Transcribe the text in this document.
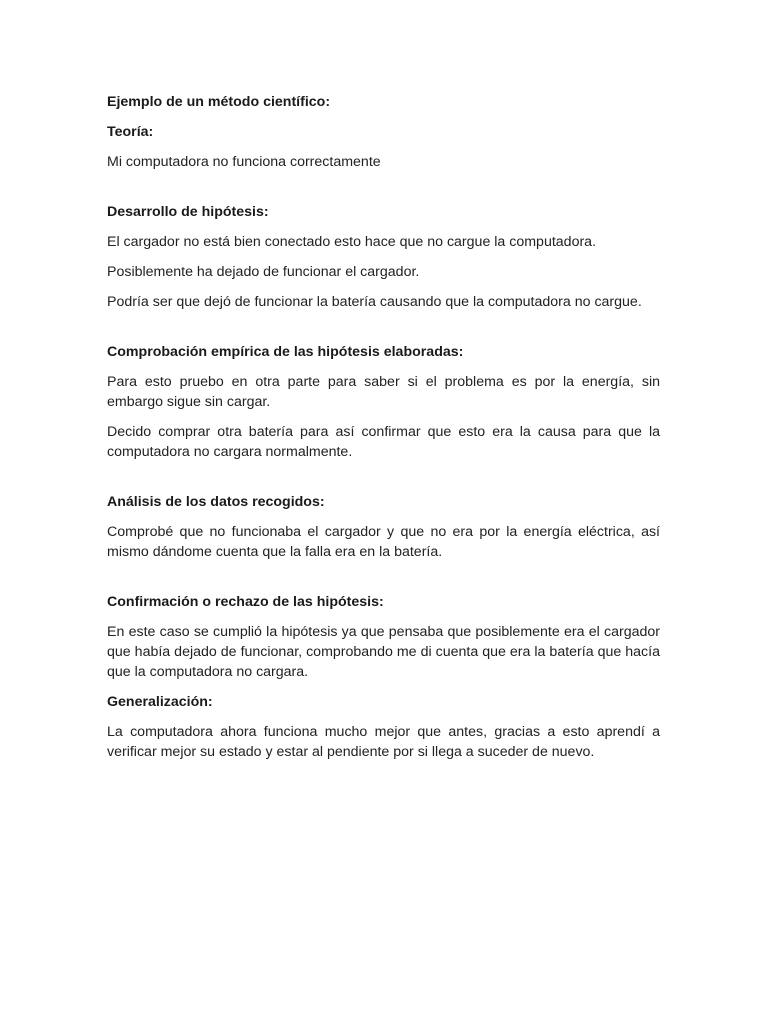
Ejemplo de un método científico:

Teoría:

Mi computadora no funciona correctamente

Desarrollo de hipótesis:

El cargador no está bien conectado esto hace que no cargue la computadora.

Posiblemente ha dejado de funcionar el cargador.

Podría ser que dejó de funcionar la batería causando que la computadora no cargue.

Comprobación empírica de las hipótesis elaboradas:

Para esto pruebo en otra parte para saber si el problema es por la energía, sin embargo sigue sin cargar.

Decido comprar otra batería para así confirmar que esto era la causa para que la computadora no cargara normalmente.

Análisis de los datos recogidos:

Comprobé que no funcionaba el cargador y que no era por la energía eléctrica, así mismo dándome cuenta que la falla era en la batería.

Confirmación o rechazo de las hipótesis:

En este caso se cumplió la hipótesis ya que pensaba que posiblemente era el cargador que había dejado de funcionar, comprobando me di cuenta que era la batería que hacía que la computadora no cargara.

Generalización:

La computadora ahora funciona mucho mejor que antes, gracias a esto aprendí a verificar mejor su estado y estar al pendiente por si llega a suceder de nuevo.
